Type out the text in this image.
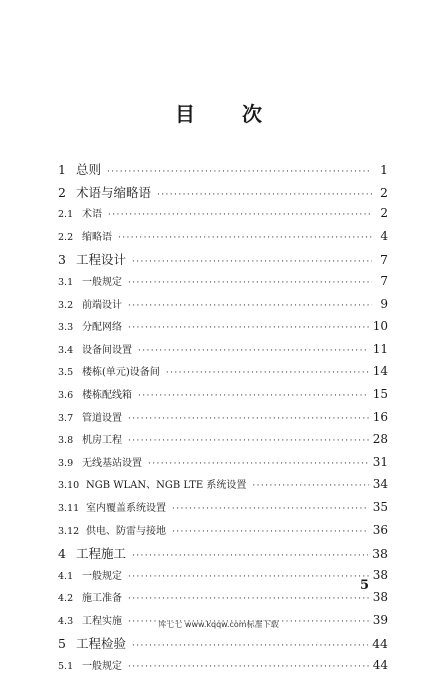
目 次
1 总则 ·····	1
2 术语与缩略语 ·····	2
2.1 术语 ·····	2
2.2 缩略语 ·····	4
3 工程设计 ·····	7
3.1 一般规定 ·····	7
3.2 前端设计 ·····	9
3.3 分配网络 ·····	10
3.4 设备间设置 ·····	11
3.5 楼栋(单元)设备间 ·····	14
3.6 楼栋配线箱 ·····	15
3.7 管道设置 ·····	16
3.8 机房工程 ·····	28
3.9 无线基站设置 ·····	31
3.10 NGB WLAN、NGB LTE 系统设置 ·····	34
3.11 室内覆盖系统设置 ·····	35
3.12 供电、防雷与接地 ·····	36
4 工程施工 ·····	38
4.1 一般规定 ·····	38
4.2 施工准备 ·····	38
4.3 工程实施 ·····	39
5 工程检验 ·····	44
5.1 一般规定 ·····	44
5
库七七 www.kqqw.com标准下载
